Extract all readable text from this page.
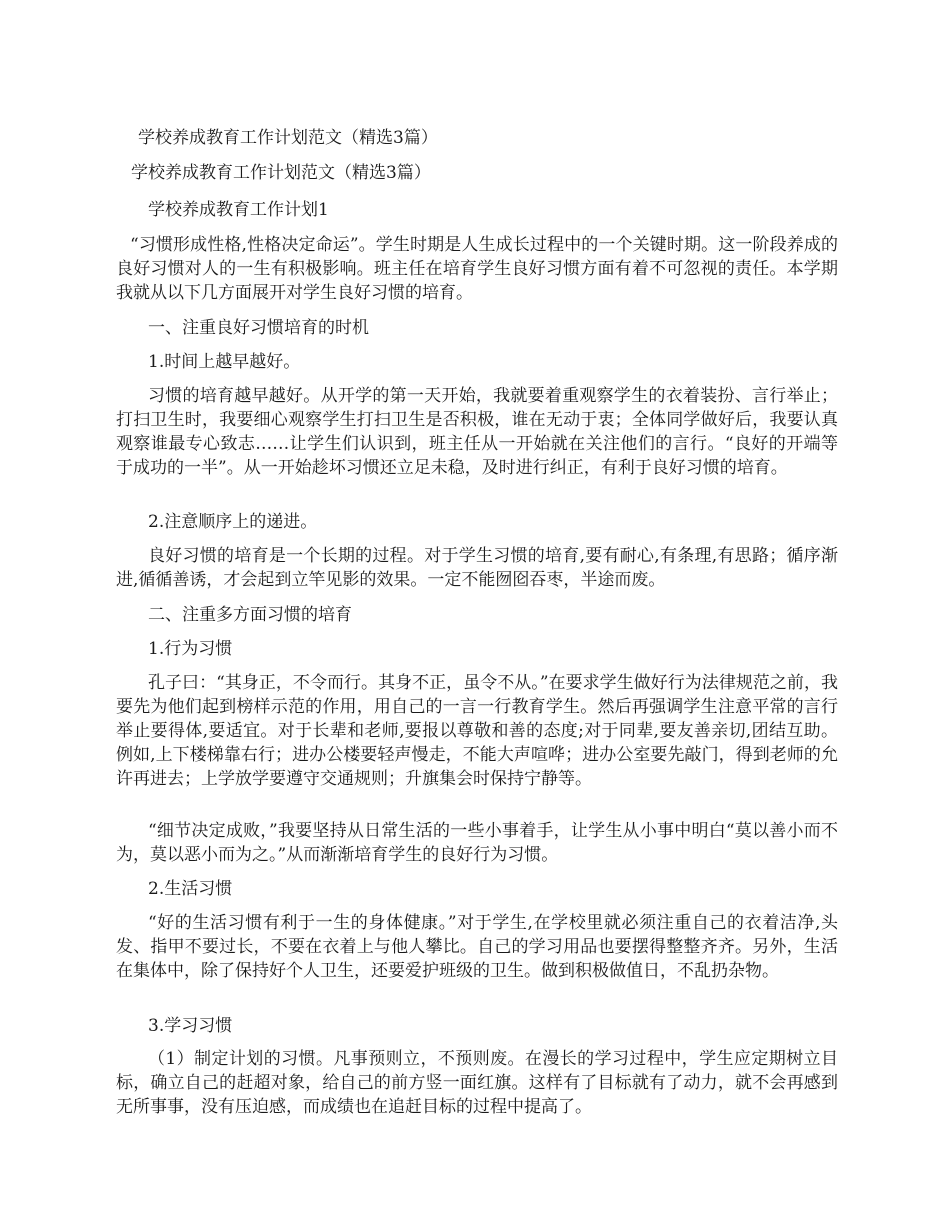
学校养成教育工作计划范文（精选3篇）
学校养成教育工作计划范文（精选3篇）
学校养成教育工作计划1
“习惯形成性格,性格决定命运”。学生时期是人生成长过程中的一个关键时期。这一阶段养成的良好习惯对人的一生有积极影响。班主任在培育学生良好习惯方面有着不可忽视的责任。本学期我就从以下几方面展开对学生良好习惯的培育。
一、注重良好习惯培育的时机
1.时间上越早越好。
习惯的培育越早越好。从开学的第一天开始，我就要着重观察学生的衣着装扮、言行举止；打扫卫生时，我要细心观察学生打扫卫生是否积极，谁在无动于衷；全体同学做好后，我要认真观察谁最专心致志……让学生们认识到，班主任从一开始就在关注他们的言行。“良好的开端等于成功的一半”。从一开始趁坏习惯还立足未稳，及时进行纠正，有利于良好习惯的培育。
2.注意顺序上的递进。
良好习惯的培育是一个长期的过程。对于学生习惯的培育,要有耐心,有条理,有思路；循序渐进,循循善诱，才会起到立竿见影的效果。一定不能囫囵吞枣，半途而废。
二、注重多方面习惯的培育
1.行为习惯
孔子曰：“其身正，不令而行。其身不正，虽令不从。”在要求学生做好行为法律规范之前，我要先为他们起到榜样示范的作用，用自己的一言一行教育学生。然后再强调学生注意平常的言行举止要得体,要适宜。对于长辈和老师,要报以尊敬和善的态度;对于同辈,要友善亲切,团结互助。例如,上下楼梯靠右行；进办公楼要轻声慢走，不能大声喧哗；进办公室要先敲门，得到老师的允许再进去；上学放学要遵守交通规则；升旗集会时保持宁静等。
“细节决定成败，”我要坚持从日常生活的一些小事着手，让学生从小事中明白“莫以善小而不为，莫以恶小而为之。”从而渐渐培育学生的良好行为习惯。
2.生活习惯
“好的生活习惯有利于一生的身体健康。”对于学生,在学校里就必须注重自己的衣着洁净,头发、指甲不要过长，不要在衣着上与他人攀比。自己的学习用品也要摆得整整齐齐。另外，生活在集体中，除了保持好个人卫生，还要爱护班级的卫生。做到积极做值日，不乱扔杂物。
3.学习习惯
（1）制定计划的习惯。凡事预则立，不预则废。在漫长的学习过程中，学生应定期树立目标，确立自己的赶超对象，给自己的前方竖一面红旗。这样有了目标就有了动力，就不会再感到无所事事，没有压迫感，而成绩也在追赶目标的过程中提高了。
